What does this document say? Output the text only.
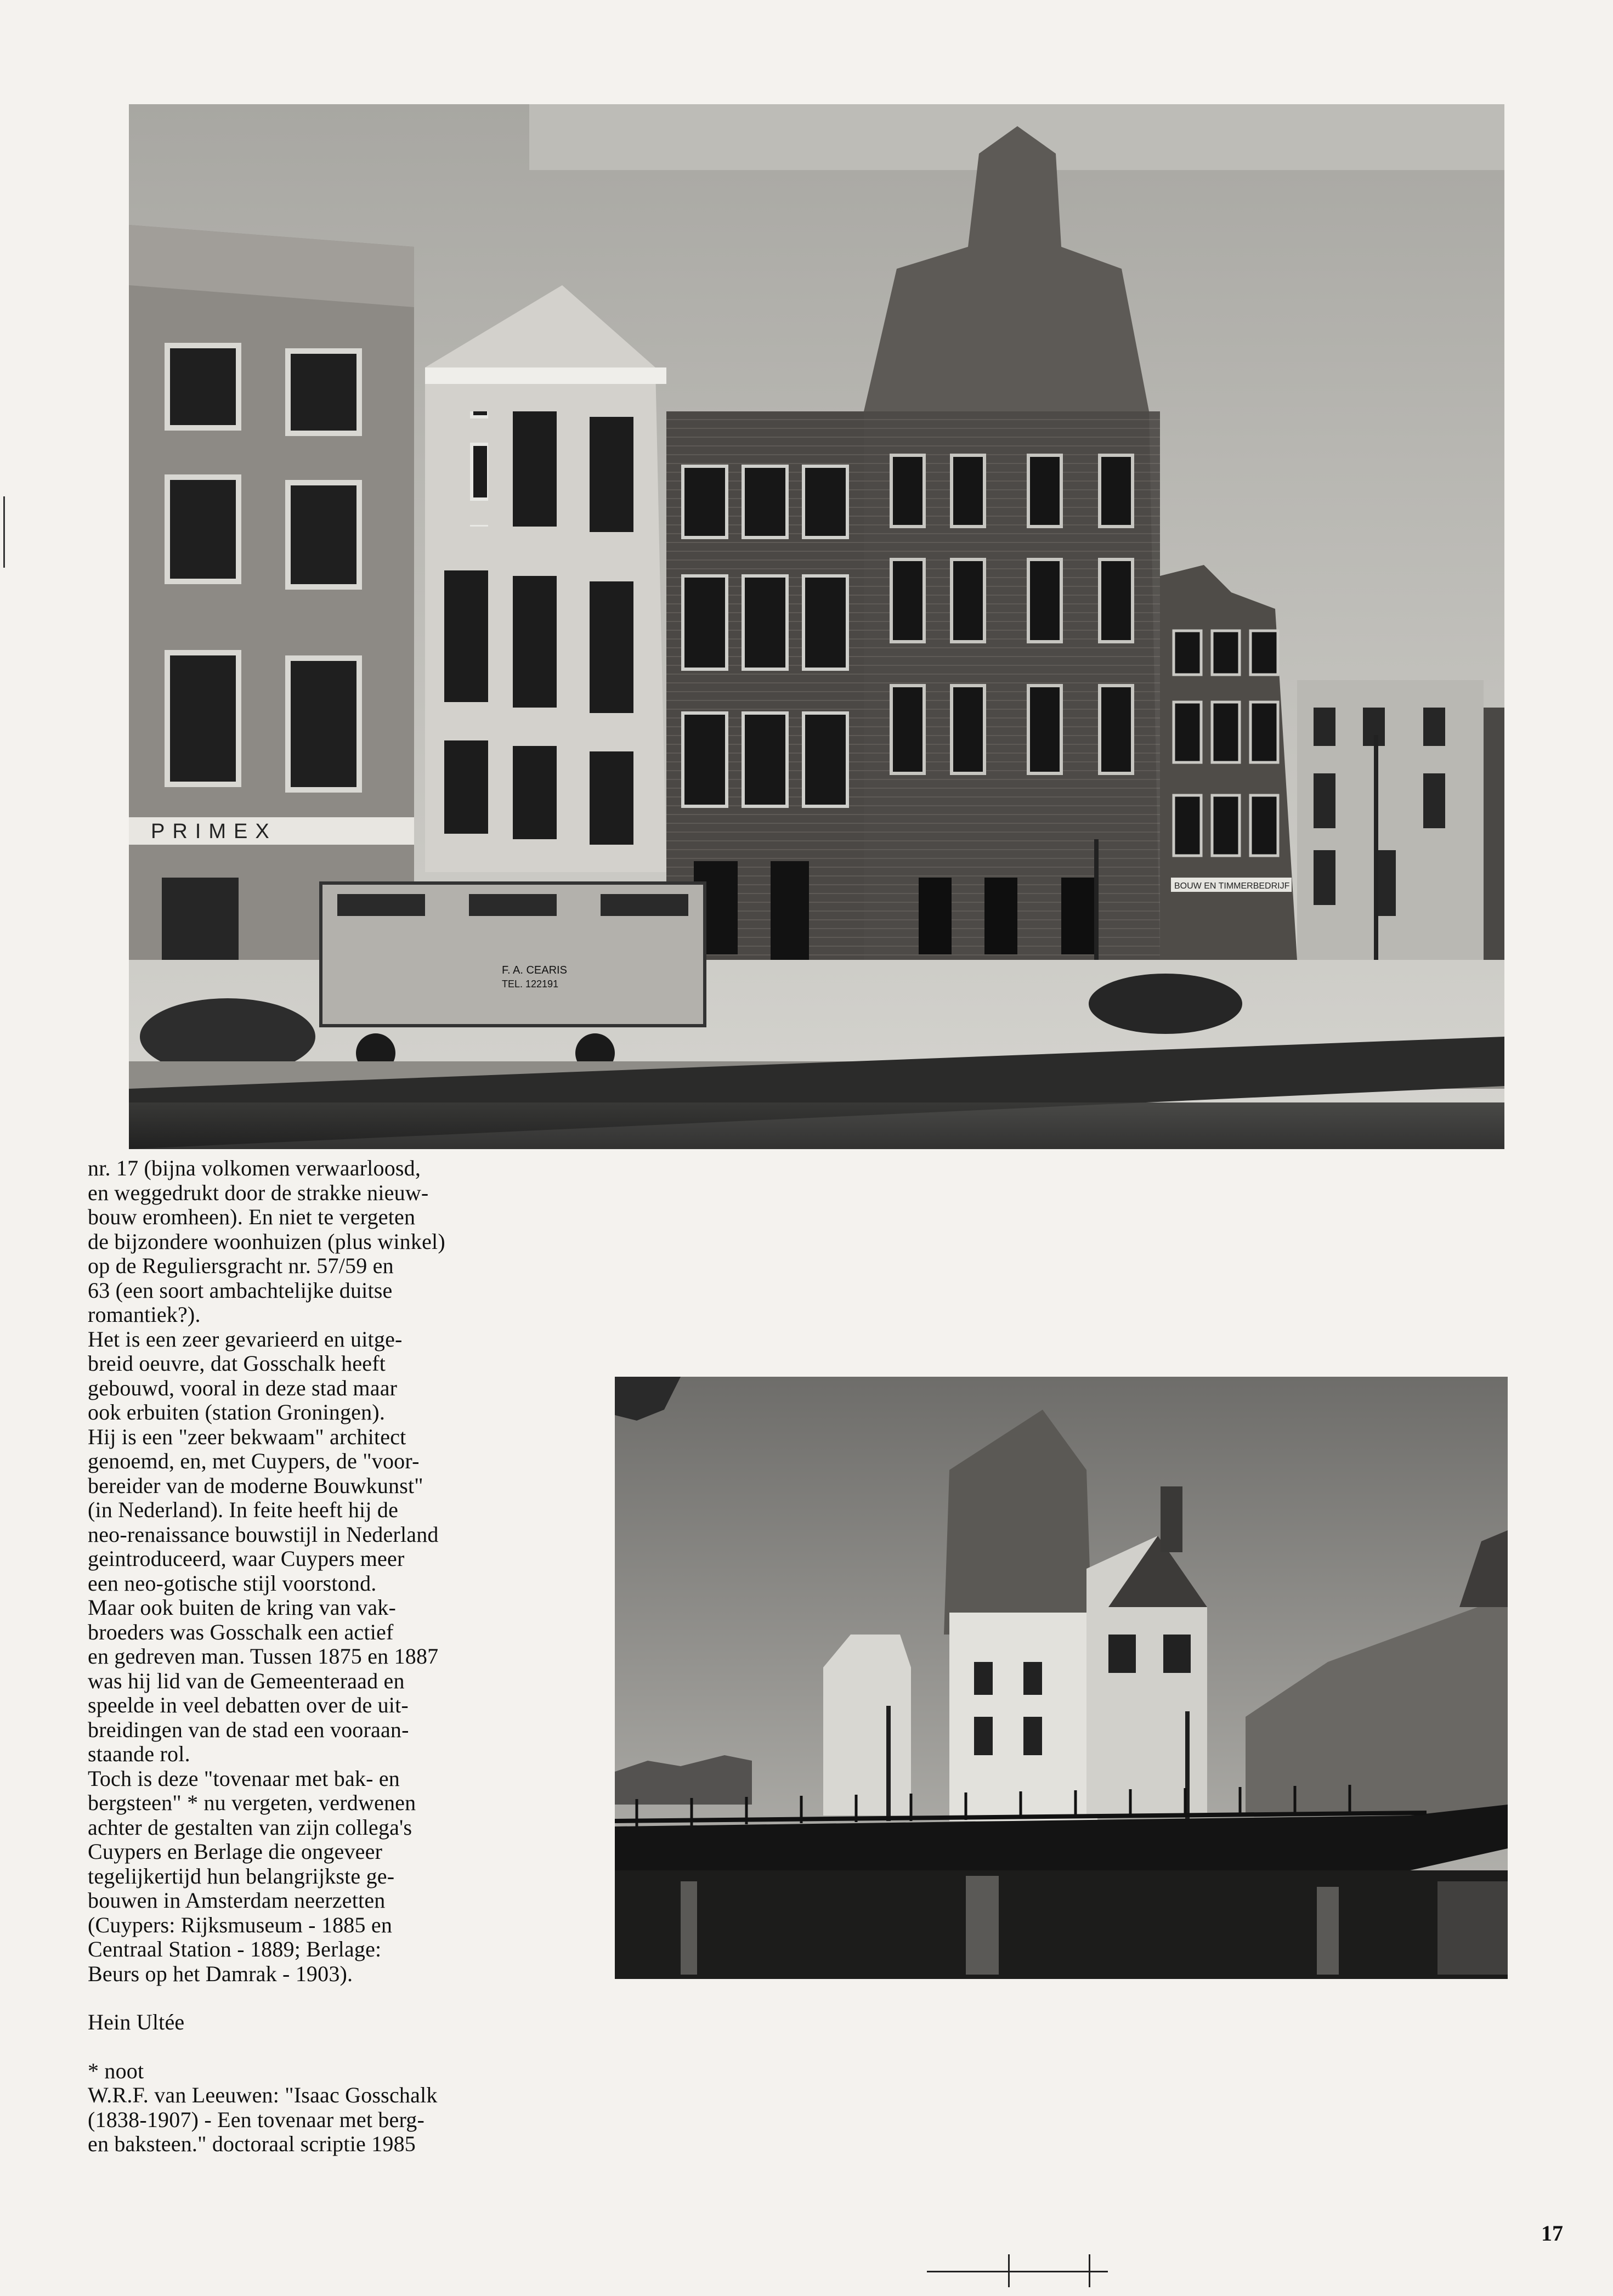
PRIMEX
BOUW EN TIMMERBEDRIJF
F. A. CEARIS
TEL. 122191
nr. 17 (bijna volkomen verwaarloosd,
en weggedrukt door de strakke nieuw-
bouw eromheen). En niet te vergeten
de bijzondere woonhuizen (plus winkel)
op de Reguliersgracht nr. 57/59 en
63 (een soort ambachtelijke duitse
romantiek?).
Het is een zeer gevarieerd en uitge-
breid oeuvre, dat Gosschalk heeft
gebouwd, vooral in deze stad maar
ook erbuiten (station Groningen).
Hij is een "zeer bekwaam" architect
genoemd, en, met Cuypers, de "voor-
bereider van de moderne Bouwkunst"
(in Nederland). In feite heeft hij de
neo-renaissance bouwstijl in Nederland
geintroduceerd, waar Cuypers meer
een neo-gotische stijl voorstond.
Maar ook buiten de kring van vak-
broeders was Gosschalk een actief
en gedreven man. Tussen 1875 en 1887
was hij lid van de Gemeenteraad en
speelde in veel debatten over de uit-
breidingen van de stad een vooraan-
staande rol.
Toch is deze "tovenaar met bak- en
bergsteen" * nu vergeten, verdwenen
achter de gestalten van zijn collega's
Cuypers en Berlage die ongeveer
tegelijkertijd hun belangrijkste ge-
bouwen in Amsterdam neerzetten
(Cuypers: Rijksmuseum - 1885 en
Centraal Station - 1889; Berlage:
Beurs op het Damrak - 1903).
Hein Ultée
* noot
W.R.F. van Leeuwen: "Isaac Gosschalk
(1838-1907) - Een tovenaar met berg-
en baksteen." doctoraal scriptie 1985
17
